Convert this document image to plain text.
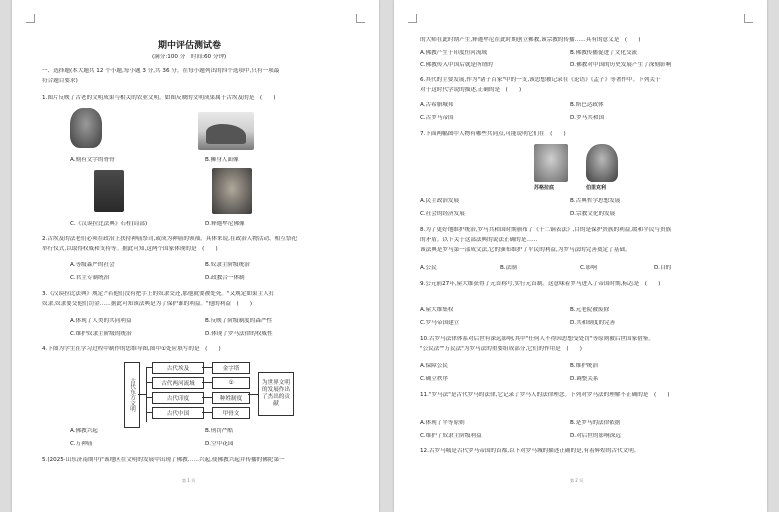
期中评估测试卷
(满分:100 分　时间:60 分钟)
一、选择题(本大题共 12 个小题,每小题 3 分,共 36 分。在每小题列出的四个选项中,只有一项最
符合题目要求)
1.图片反映了古老的文明成果与相关的农业文明。如图反映的文明成果属于古埃及的是　(　　)
A.刻有文字的骨骨	B.狮身人面像
C.《汉谟拉比法典》石柱(局部)	D.释迦牟尼佛像
2.古埃及的法老们必须在政治上扶持神庙祭司,或成为神庙的领袖。具体来说,在政治人物活动、相互祭祀
举行仪式,以取得权威和支持等。据此可知,这两个国家体现的是　(　　)
A.等级森严的社会	B.奴隶主阶级统治
C.君主专制统治	D.政教合一体制
3.《汉谟拉比法典》规定:"若他们没有把手上的奴隶交还,那他就要被处死。"又规定如果主人打
奴隶,奴隶要交他们罚金……据此可知该法典是为了保护谁的利益。"他的利益　(　　)
A.体现了人类的共同利益	B.反映了阶级制度的森严性
C.维护奴隶主阶级的统治	D.体现了罗马法律的权威性
4.下图为学生在学习过程中制作的思维导图,图中①处应填写的是　(　　)
古代东方文明
古代埃及	金字塔
古代两河流域	①
古代印度	种姓制度
古代中国	甲骨文
为世界文明的发展作出了杰出的贡献
A.佛教兴起	B.刑罚严酷
C.万神庙	D.空中花园
5.(2025·山东济南期中)"该地区在文明的发展中出现了佛教……兴起,使佛教兴起并传播的佛陀第一
第 1 页
的大师在此时期产生,释迦牟尼在此时期创立佛教,该宗教的传播……具有的意义是　(　　)
A.佛教产生于印度恒河流域	B.佛教传播促进了文化交流
C.佛教传入中国后就是所谓的	D.佛教对中国的历史发展产生了深刻影响
6.其代的主要发展,作为"诸子百家"中的一支,该思想被记录在《论语》《孟子》等著作中。下列关于
对于这时代学说的描述,正确的是　(　　)
A.古希腊城邦	B.斯巴达政体
C.古罗马帝国	D.罗马共和国
7.下面两幅图中人物有哪些共同点,可能说明它们在　(　　)
苏格拉底	伯里克利
A.民主政治发展	B.古典哲学思想发展
C.社会的经济发展	D.宗教文化的发展
8.为了更好地维护统治,罗马共和国时期颁布了《十二铜表法》,目的是保护贵族的利益,缓和平民与贵族
的矛盾。以下关于这部法典的说法正确的是……
该法典是罗马第一部成文法,它的颁布维护了平民的利益,为罗马法的完善奠定了基础。
A.公民	B.法制	C.影响	D.目的
9.公元前27年,屋大维获得了元首称号,实行元首制。这意味着罗马进入了帝国时期,标志是　(　　)
A.屋大维集权	B.元老院被废除
C.罗马帝国建立	D.共和制度的完善
10.古罗马法律体系对后世有深远影响,其中"任何人不得因思想受处罚"等原则被后世国家借鉴。
"公民法""万民法"为罗马法的重要组成部分,它们的作用是　(　　)
A.保障公民	B.维护统治
C.确立秩序	D.调整关系
11."罗马法"是古代罗马的法律,它记录了罗马人的法律理念。下列对罗马法的理解不正确的是　(　　)
A.体现了平等原则	B.是罗马的法律依据
C.维护了奴隶主阶级利益	D.对后世的影响深远
12.古罗马城是古代罗马帝国的首都,以下对罗马城的描述正确的是,有着辉煌的古代文明。
第 2 页
